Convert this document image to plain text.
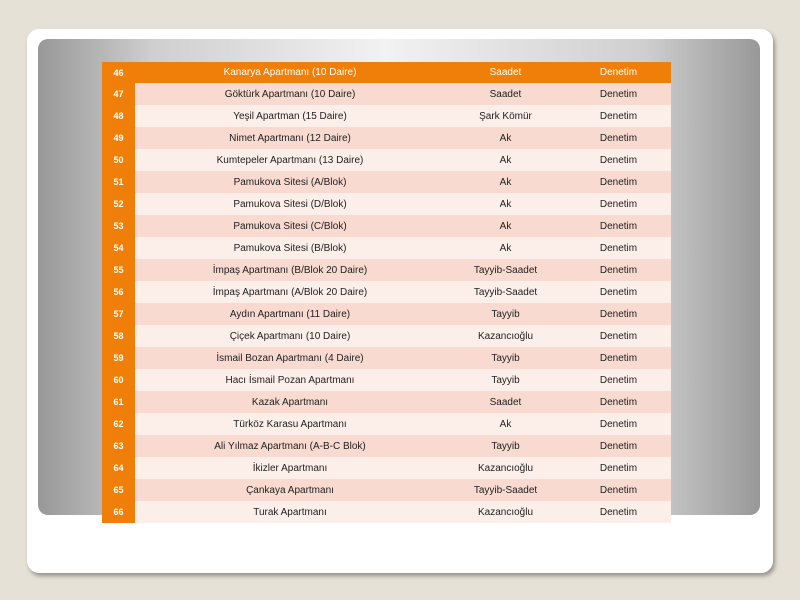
46	Kanarya Apartmanı (10 Daire)	Saadet	Denetim
47	Göktürk Apartmanı (10 Daire)	Saadet	Denetim
48	Yeşil Apartman (15 Daire)	Şark Kömür	Denetim
49	Nimet Apartmanı (12 Daire)	Ak	Denetim
50	Kumtepeler Apartmanı (13 Daire)	Ak	Denetim
51	Pamukova Sitesi (A/Blok)	Ak	Denetim
52	Pamukova Sitesi (D/Blok)	Ak	Denetim
53	Pamukova Sitesi (C/Blok)	Ak	Denetim
54	Pamukova Sitesi (B/Blok)	Ak	Denetim
55	İmpaş Apartmanı (B/Blok 20 Daire)	Tayyib-Saadet	Denetim
56	İmpaş Apartmanı (A/Blok 20 Daire)	Tayyib-Saadet	Denetim
57	Aydın Apartmanı (11 Daire)	Tayyib	Denetim
58	Çiçek Apartmanı (10 Daire)	Kazancıoğlu	Denetim
59	İsmail Bozan Apartmanı (4 Daire)	Tayyib	Denetim
60	Hacı İsmail Pozan Apartmanı	Tayyib	Denetim
61	Kazak Apartmanı	Saadet	Denetim
62	Türköz Karasu Apartmanı	Ak	Denetim
63	Ali Yılmaz Apartmanı (A-B-C Blok)	Tayyib	Denetim
64	İkizler Apartmanı	Kazancıoğlu	Denetim
65	Çankaya Apartmanı	Tayyib-Saadet	Denetim
66	Turak Apartmanı	Kazancıoğlu	Denetim
